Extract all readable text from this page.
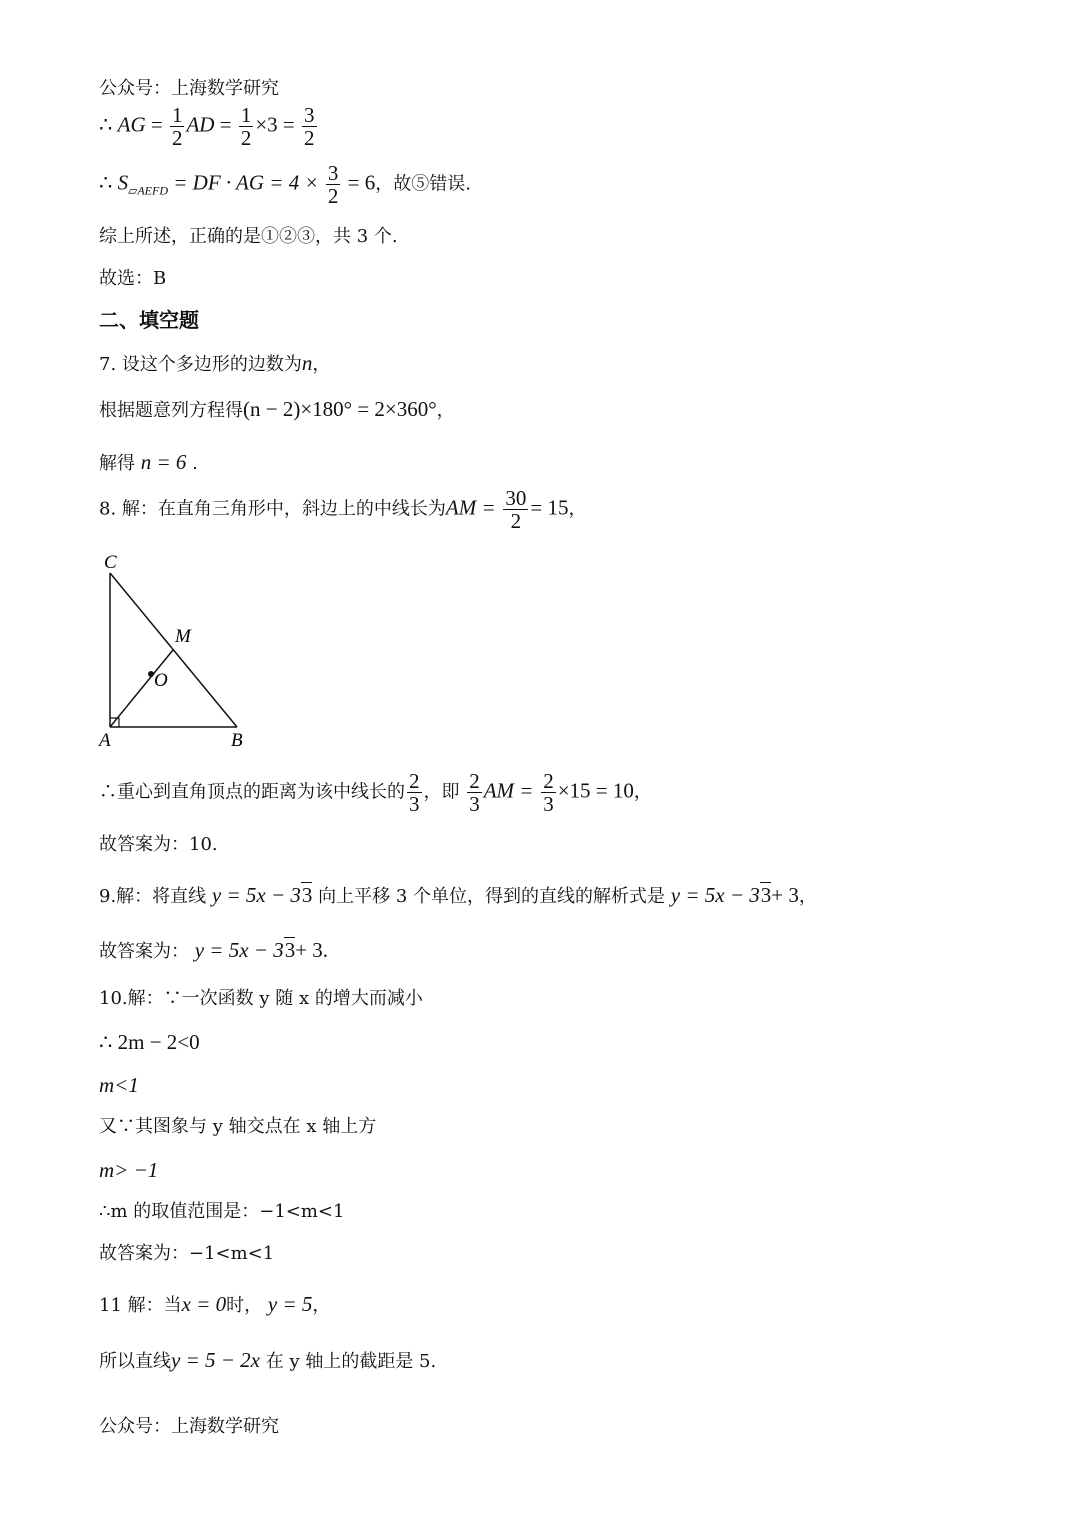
公众号：上海数学研究
∴ AG = $\frac{1}{2}$ AD = $\frac{1}{2} \times 3 = \frac{3}{2}$
∴ $S_{▱AEFD}$ = DF · AG = $4 \times \frac{3}{2} = 6$，故⑤错误.
综上所述，正确的是①②③，共 3 个.
故选：B
二、填空题
7. 设这个多边形的边数为n，
根据题意列方程得(n − 2)×180° = 2×360°，
解得 n = 6 .
8. 解：在直角三角形中，斜边上的中线长为AM = $\frac{30}{2} = 15$，
C
M
O
A	B
∴重心到直角顶点的距离为该中线长的 $\frac{2}{3}$ ，即 $\frac{2}{3}$ AM = $\frac{2}{3} \times 15 = 10$，
故答案为：10.
9.解：将直线 y = 5x − 33 向上平移 3 个单位，得到的直线的解析式是 y = 5x − 33+ 3，
故答案为： y = 5x − 33+ 3.
10.解：∵一次函数 y 随 x 的增大而减小
∴ 2m − 2<0
m<1
又∵其图象与 y 轴交点在 x 轴上方
m> −1
∴m 的取值范围是：−1<m<1
故答案为：−1<m<1
11 解：当x = 0时， y = 5，
所以直线y = 5 − 2x 在 y 轴上的截距是 5.
公众号：上海数学研究
